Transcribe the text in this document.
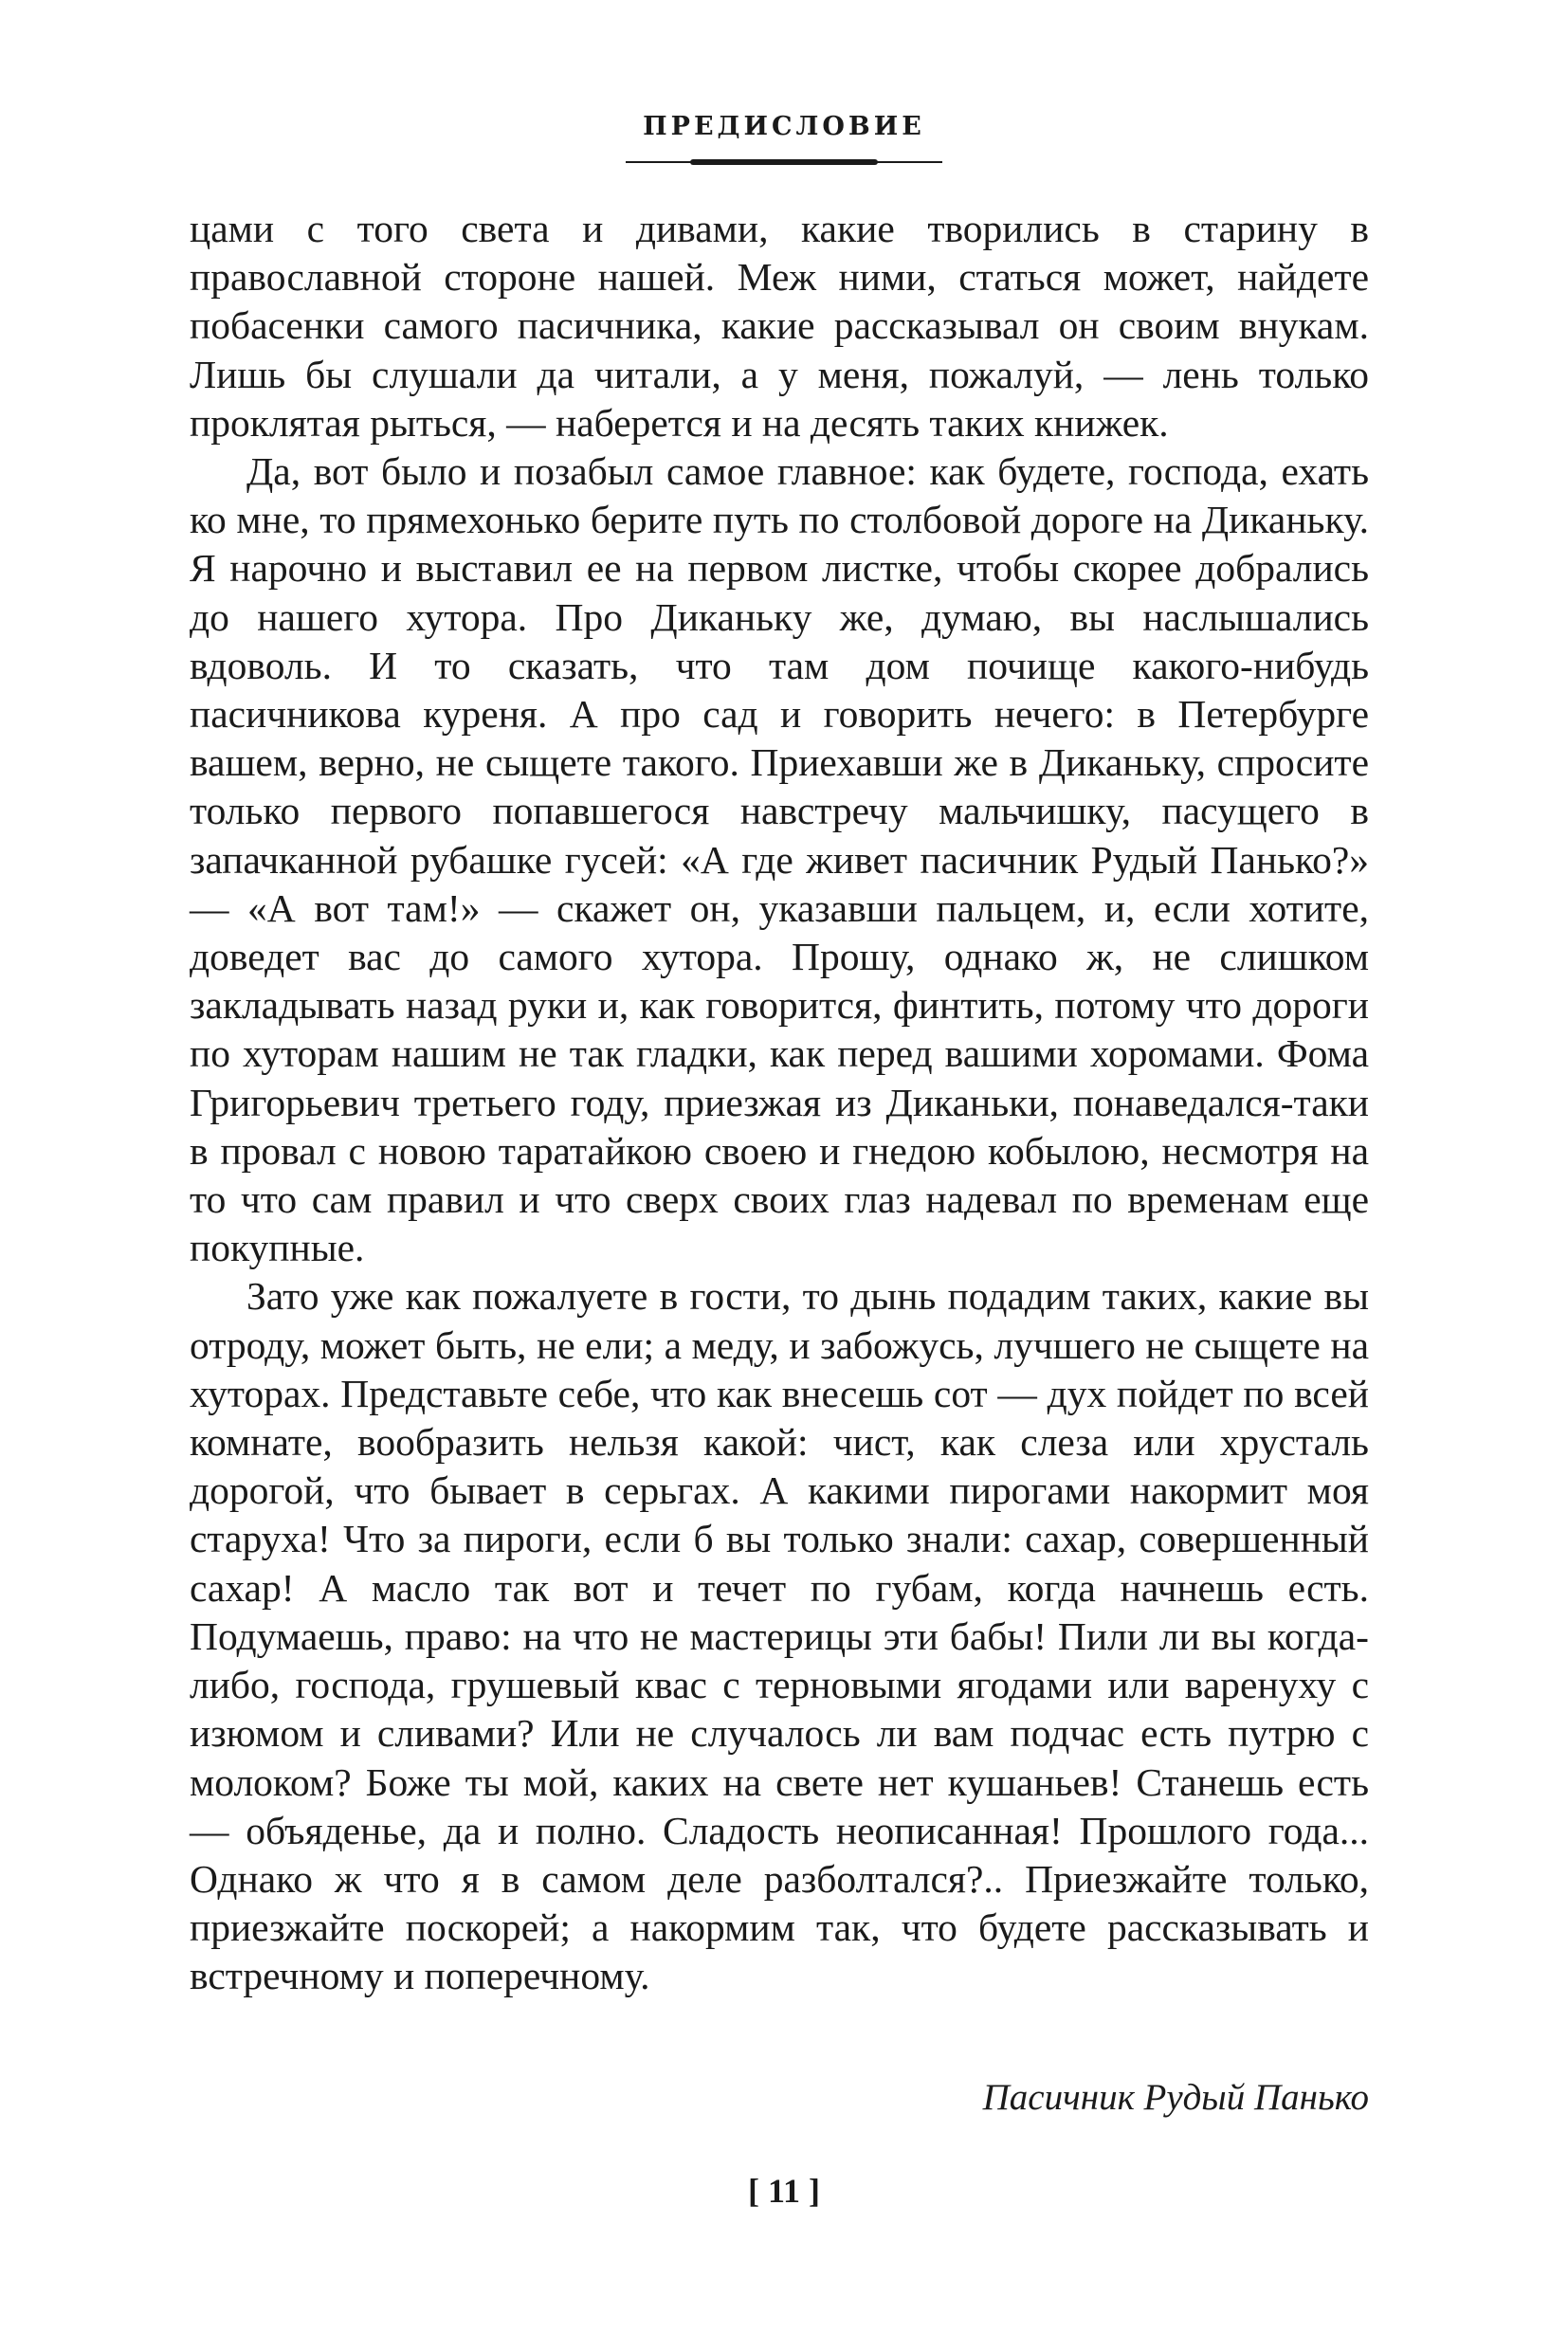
ПРЕДИСЛОВИЕ

цами с того света и дивами, какие творились в старину в православной стороне нашей. Меж ними, статься может, найдете побасенки самого пасичника, какие рассказывал он своим внукам. Лишь бы слушали да читали, а у меня, пожалуй, — лень только проклятая рыться, — наберется и на десять таких книжек.

Да, вот было и позабыл самое главное: как будете, господа, ехать ко мне, то прямехонько берите путь по столбовой дороге на Диканьку. Я нарочно и выставил ее на первом листке, чтобы скорее добрались до нашего хутора. Про Диканьку же, думаю, вы наслышались вдоволь. И то сказать, что там дом почище какого-нибудь пасичникова куреня. А про сад и говорить нечего: в Петербурге вашем, верно, не сыщете такого. Приехавши же в Диканьку, спросите только первого попавшегося навстречу мальчишку, пасущего в запачканной рубашке гусей: «А где живет пасичник Рудый Панько?» — «А вот там!» — скажет он, указавши пальцем, и, если хотите, доведет вас до самого хутора. Прошу, однако ж, не слишком закладывать назад руки и, как говорится, финтить, потому что дороги по хуторам нашим не так гладки, как перед вашими хоромами. Фома Григорьевич третьего году, приезжая из Диканьки, понаведался-таки в провал с новою таратайкою своею и гнедою кобылою, несмотря на то что сам правил и что сверх своих глаз надевал по временам еще покупные.

Зато уже как пожалуете в гости, то дынь подадим таких, какие вы отроду, может быть, не ели; а меду, и забожусь, лучшего не сыщете на хуторах. Представьте себе, что как внесешь сот — дух пойдет по всей комнате, вообразить нельзя какой: чист, как слеза или хрусталь дорогой, что бывает в серьгах. А какими пирогами накормит моя старуха! Что за пироги, если б вы только знали: сахар, совершенный сахар! А масло так вот и течет по губам, когда начнешь есть. Подумаешь, право: на что не мастерицы эти бабы! Пили ли вы когда-либо, господа, грушевый квас с терновыми ягодами или варенуху с изюмом и сливами? Или не случалось ли вам подчас есть путрю с молоком? Боже ты мой, каких на свете нет кушаньев! Станешь есть — объяденье, да и полно. Сладость неописанная! Прошлого года... Однако ж что я в самом деле разболтался?.. Приезжайте только, приезжайте поскорей; а накормим так, что будете рассказывать и встречному и поперечному.

Пасичник Рудый Панько
[ 11 ]
